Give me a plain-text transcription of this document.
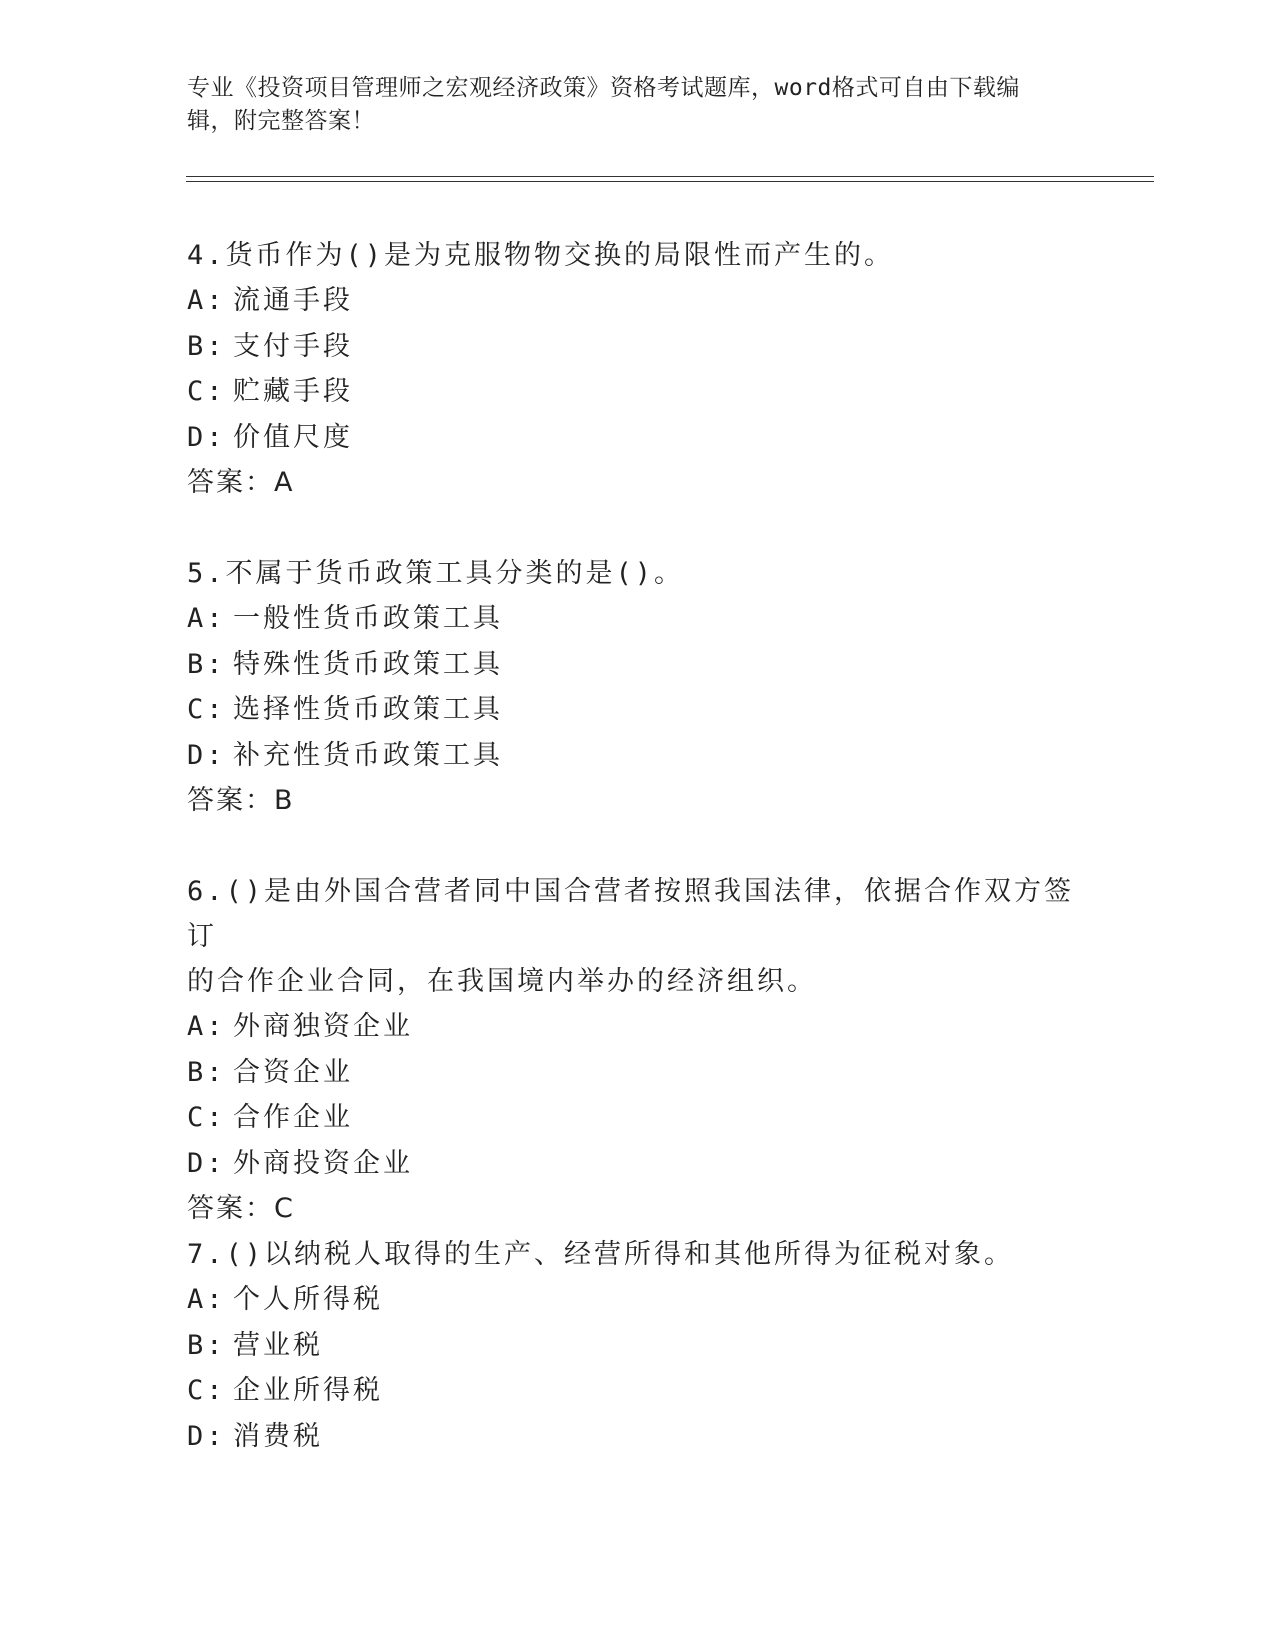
专业《投资项目管理师之宏观经济政策》资格考试题库，word格式可自由下载编
辑，附完整答案！
4.货币作为()是为克服物物交换的局限性而产生的。
A: 流通手段
B: 支付手段
C: 贮藏手段
D: 价值尺度
答案：A
5.不属于货币政策工具分类的是()。
A: 一般性货币政策工具
B: 特殊性货币政策工具
C: 选择性货币政策工具
D: 补充性货币政策工具
答案：B
6.()是由外国合营者同中国合营者按照我国法律，依据合作双方签订
的合作企业合同，在我国境内举办的经济组织。
A: 外商独资企业
B: 合资企业
C: 合作企业
D: 外商投资企业
答案：C
7.()以纳税人取得的生产、经营所得和其他所得为征税对象。
A: 个人所得税
B: 营业税
C: 企业所得税
D: 消费税
